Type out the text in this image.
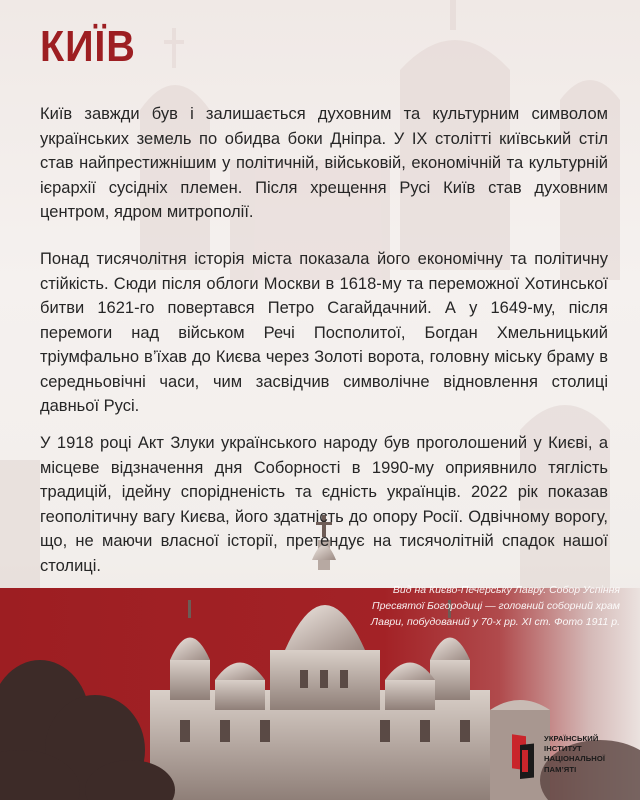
КИЇВ

Київ завжди був і залишається духовним та культурним символом українських земель по обидва боки Дніпра. У IX столітті київський стіл став найпрестижнішим у політичній, військовій, економічній та культурній ієрархії сусідніх племен. Після хрещення Русі Київ став духовним центром, ядром митрополії.

Понад тисячолітня історія міста показала його економічну та політичну стійкість. Сюди після облоги Москви в 1618-му та переможної Хотинської битви 1621-го повертався Петро Сагайдачний. А у 1649-му, після перемоги над військом Речі Посполитої, Богдан Хмельницький тріумфально в’їхав до Києва через Золоті ворота, головну міську браму в середньовічні часи, чим засвідчив символічне відновлення столиці давньої Русі.

У 1918 році Акт Злуки українського народу був проголошений у Києві, а місцеве відзначення дня Соборності в 1990-му оприявнило тяглість традицій, ідейну спорідненість та єдність українців. 2022 рік показав геополітичну вагу Києва, його здатність до опору Росії. Одвічному ворогу, що, не маючи власної історії, претендує на тисячолітній спадок нашої столиці.

Вид на Києво-Печерську Лавру. Собор Успіння Пресвятої Богородиці — головний соборний храм Лаври, побудований у 70-х рр. XI ст. Фото 1911 р.

УКРАЇНСЬКИЙ
ІНСТИТУТ
НАЦІОНАЛЬНОЇ
ПАМ’ЯТІ
